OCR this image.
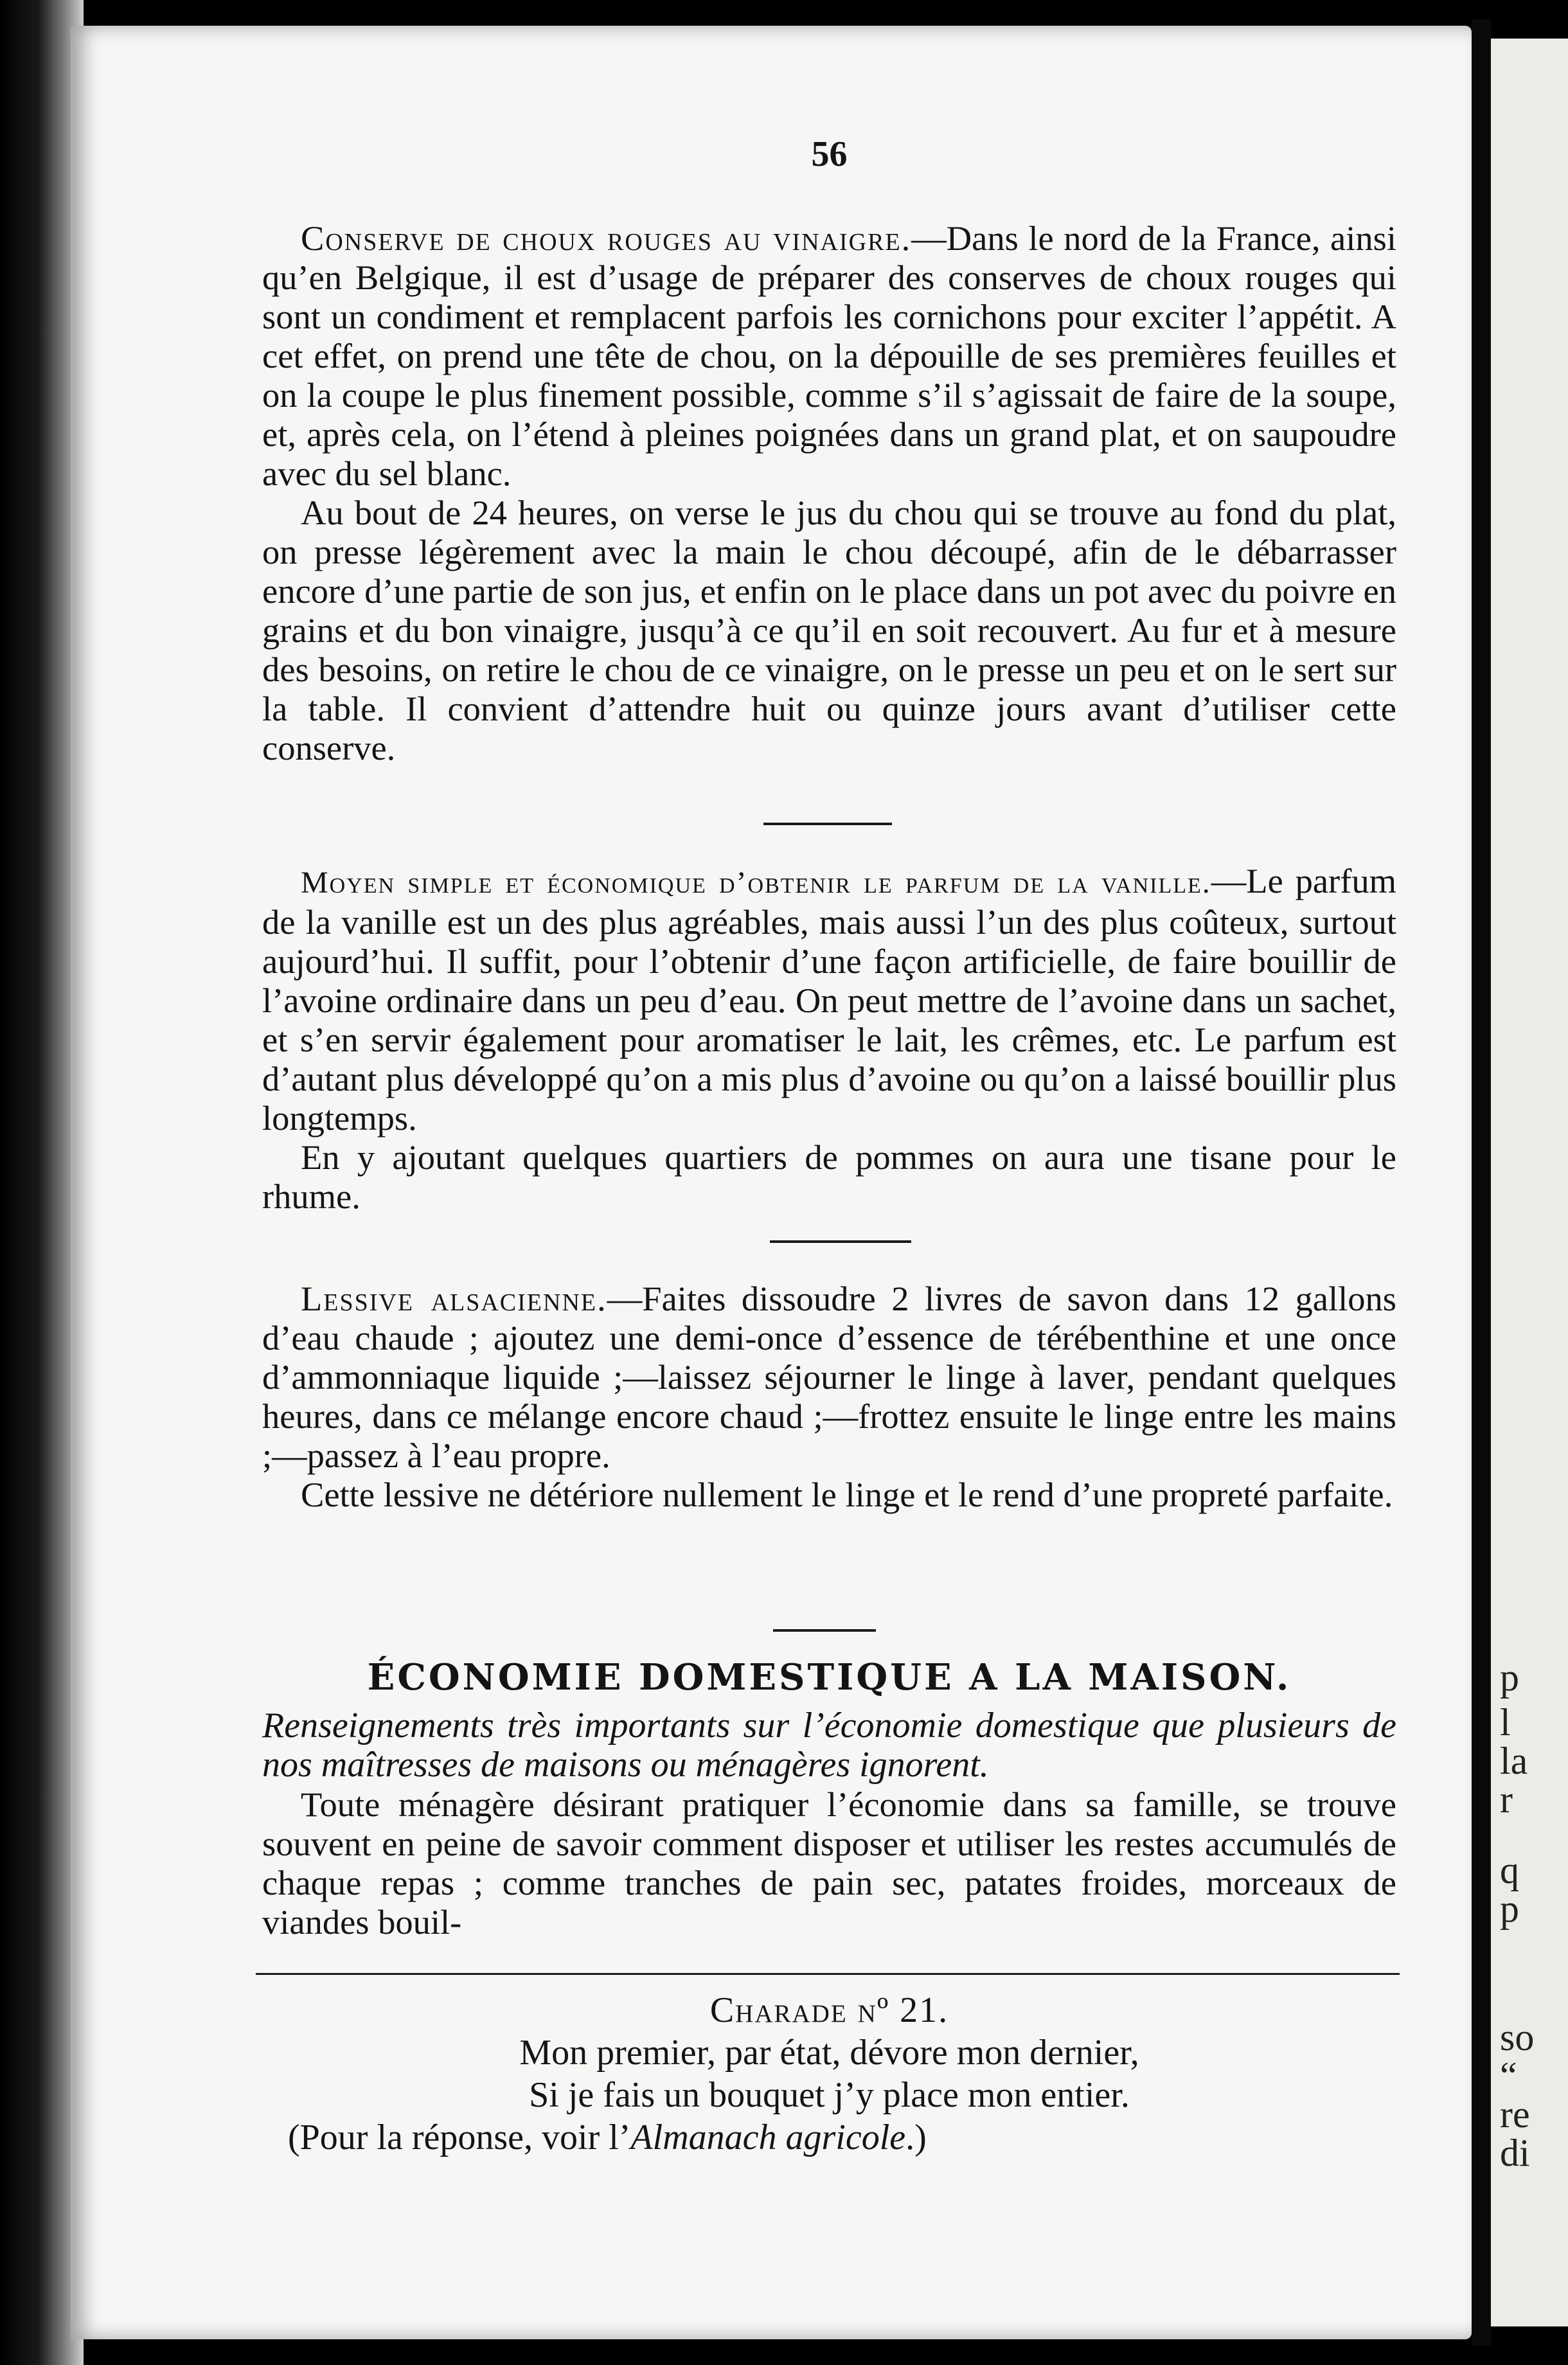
p
l
la
r
q
p
so
“
re
di
56

Conserve de choux rouges au vinaigre.—Dans le nord de la France, ainsi qu’en Belgique, il est d’usage de préparer des conserves de choux rouges qui sont un condiment et remplacent parfois les cornichons pour exciter l’appétit. A cet effet, on prend une tête de chou, on la dépouille de ses premières feuilles et on la coupe le plus finement possible, comme s’il s’agissait de faire de la soupe, et, après cela, on l’étend à pleines poignées dans un grand plat, et on saupoudre avec du sel blanc.

Au bout de 24 heures, on verse le jus du chou qui se trouve au fond du plat, on presse légèrement avec la main le chou découpé, afin de le débarrasser encore d’une partie de son jus, et enfin on le place dans un pot avec du poivre en grains et du bon vinaigre, jusqu’à ce qu’il en soit recouvert. Au fur et à mesure des besoins, on retire le chou de ce vinaigre, on le presse un peu et on le sert sur la table. Il convient d’attendre huit ou quinze jours avant d’utiliser cette conserve.

Moyen simple et économique d’obtenir le parfum de la vanille.—Le parfum de la vanille est un des plus agréables, mais aussi l’un des plus coûteux, surtout aujourd’hui. Il suffit, pour l’obtenir d’une façon artificielle, de faire bouillir de l’avoine ordinaire dans un peu d’eau. On peut mettre de l’avoine dans un sachet, et s’en servir également pour aromatiser le lait, les crêmes, etc. Le parfum est d’autant plus développé qu’on a mis plus d’avoine ou qu’on a laissé bouillir plus longtemps.

En y ajoutant quelques quartiers de pommes on aura une tisane pour le rhume.

Lessive alsacienne.—Faites dissoudre 2 livres de savon dans 12 gallons d’eau chaude ; ajoutez une demi-once d’essence de térébenthine et une once d’ammonniaque liquide ;—laissez séjourner le linge à laver, pendant quelques heures, dans ce mélange encore chaud ;—frottez ensuite le linge entre les mains ;—passez à l’eau propre.

Cette lessive ne détériore nullement le linge et le rend d’une propreté parfaite.

ÉCONOMIE DOMESTIQUE A LA MAISON.

Renseignements très importants sur l’économie domestique que plusieurs de nos maîtresses de maisons ou ménagères ignorent.

Toute ménagère désirant pratiquer l’économie dans sa famille, se trouve souvent en peine de savoir comment disposer et utiliser les restes accumulés de chaque repas ; comme tranches de pain sec, patates froides, morceaux de viandes bouil-

Charade nº 21.
Mon premier, par état, dévore mon dernier,
Si je fais un bouquet j’y place mon entier.
(Pour la réponse, voir l’Almanach agricole.)
